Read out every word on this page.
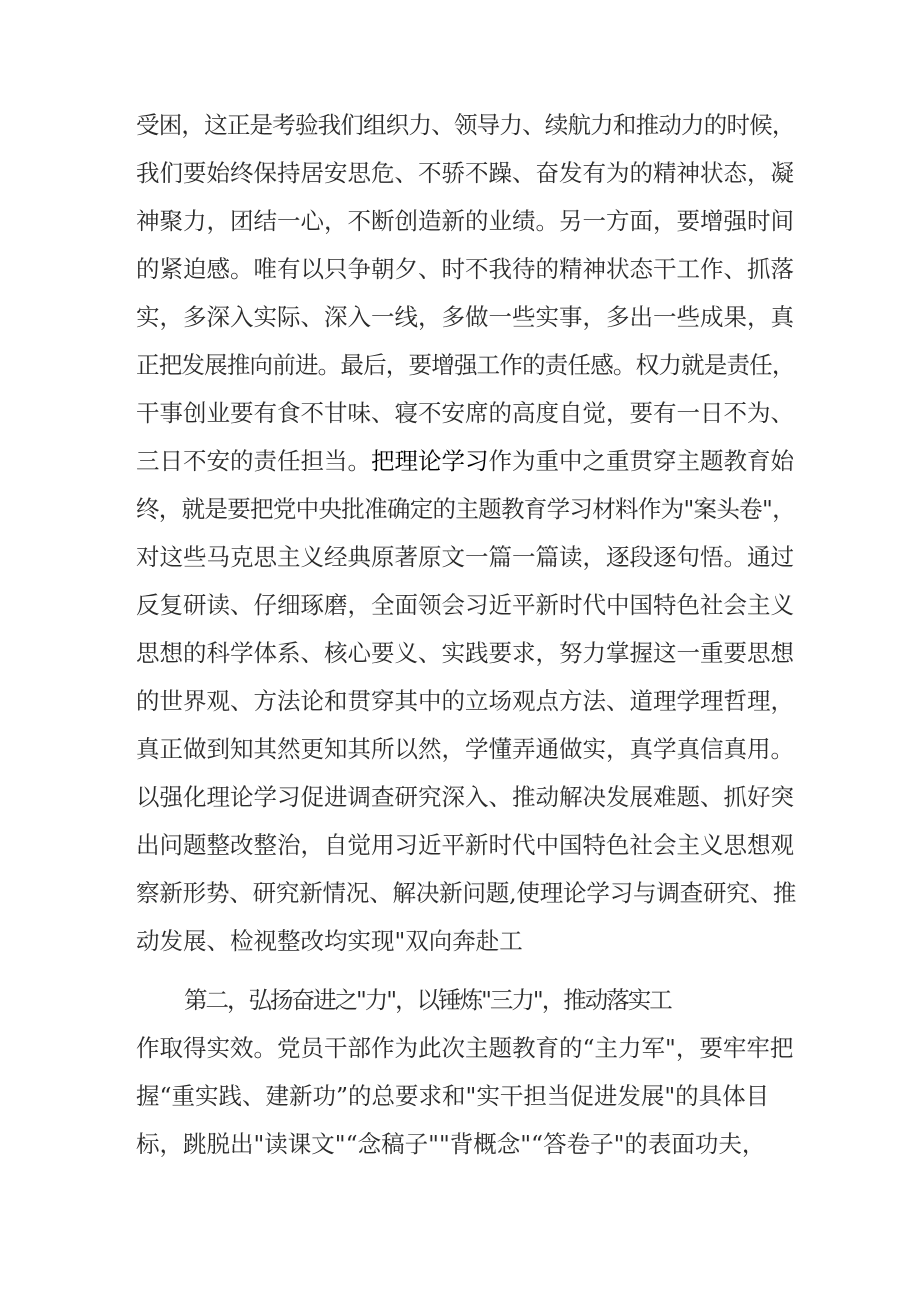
受困，这正是考验我们组织力、领导力、续航力和推动力的时候，
我们要始终保持居安思危、不骄不躁、奋发有为的精神状态，凝
神聚力，团结一心，不断创造新的业绩。另一方面，要增强时间
的紧迫感。唯有以只争朝夕、时不我待的精神状态干工作、抓落
实，多深入实际、深入一线，多做一些实事，多出一些成果，真
正把发展推向前进。最后，要增强工作的责任感。权力就是责任，
干事创业要有食不甘味、寝不安席的高度自觉，要有一日不为、
三日不安的责任担当。把理论学习作为重中之重贯穿主题教育始
终，就是要把党中央批准确定的主题教育学习材料作为"案头卷"，
对这些马克思主义经典原著原文一篇一篇读，逐段逐句悟。通过
反复研读、仔细琢磨，全面领会习近平新时代中国特色社会主义
思想的科学体系、核心要义、实践要求，努力掌握这一重要思想
的世界观、方法论和贯穿其中的立场观点方法、道理学理哲理，
真正做到知其然更知其所以然，学懂弄通做实，真学真信真用。
以强化理论学习促进调查研究深入、推动解决发展难题、抓好突
出问题整改整治，自觉用习近平新时代中国特色社会主义思想观
察新形势、研究新情况、解决新问题,使理论学习与调查研究、推
动发展、检视整改均实现"双向奔赴工
第二，弘扬奋进之"力"，以锤炼"三力"，推动落实工
作取得实效。党员干部作为此次主题教育的“主力军"，要牢牢把
握“重实践、建新功”的总要求和"实干担当促进发展"的具体目
标，跳脱出"读课文"“念稿子""背概念"“答卷子"的表面功夫，
